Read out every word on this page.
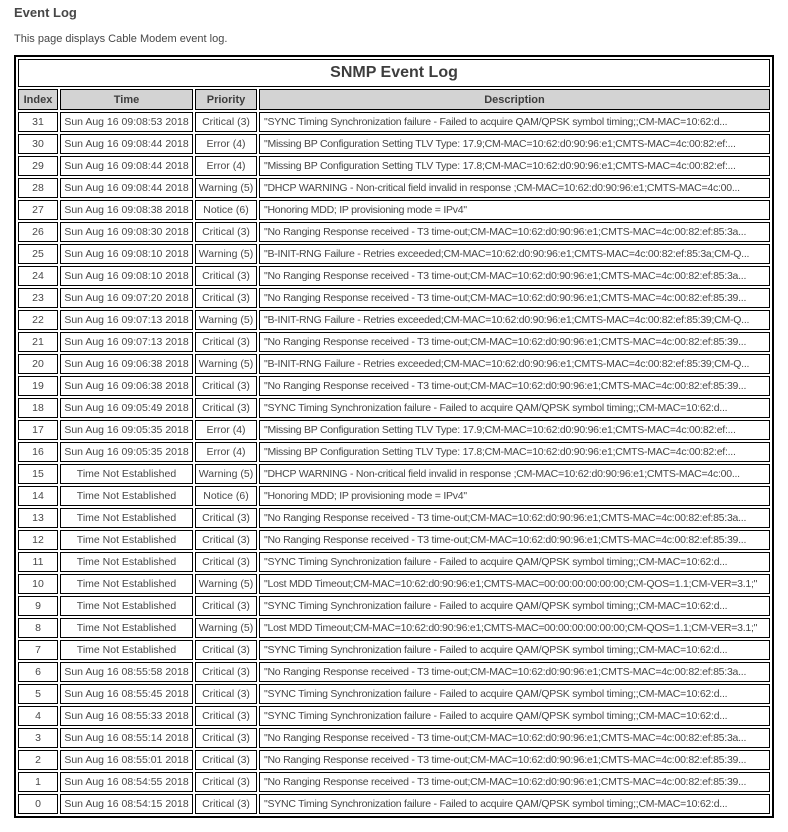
Event Log

This page displays Cable Modem event log.

SNMP Event Log			
Index	Time	Priority	Description
31	Sun Aug 16 09:08:53 2018	Critical (3)	"SYNC Timing Synchronization failure - Failed to acquire QAM/QPSK symbol timing;;CM-MAC=10:62:d...
30	Sun Aug 16 09:08:44 2018	Error (4)	"Missing BP Configuration Setting TLV Type: 17.9;CM-MAC=10:62:d0:90:96:e1;CMTS-MAC=4c:00:82:ef:...
29	Sun Aug 16 09:08:44 2018	Error (4)	"Missing BP Configuration Setting TLV Type: 17.8;CM-MAC=10:62:d0:90:96:e1;CMTS-MAC=4c:00:82:ef:...
28	Sun Aug 16 09:08:44 2018	Warning (5)	"DHCP WARNING - Non-critical field invalid in response ;CM-MAC=10:62:d0:90:96:e1;CMTS-MAC=4c:00...
27	Sun Aug 16 09:08:38 2018	Notice (6)	"Honoring MDD; IP provisioning mode = IPv4"
26	Sun Aug 16 09:08:30 2018	Critical (3)	"No Ranging Response received - T3 time-out;CM-MAC=10:62:d0:90:96:e1;CMTS-MAC=4c:00:82:ef:85:3a...
25	Sun Aug 16 09:08:10 2018	Warning (5)	"B-INIT-RNG Failure - Retries exceeded;CM-MAC=10:62:d0:90:96:e1;CMTS-MAC=4c:00:82:ef:85:3a;CM-Q...
24	Sun Aug 16 09:08:10 2018	Critical (3)	"No Ranging Response received - T3 time-out;CM-MAC=10:62:d0:90:96:e1;CMTS-MAC=4c:00:82:ef:85:3a...
23	Sun Aug 16 09:07:20 2018	Critical (3)	"No Ranging Response received - T3 time-out;CM-MAC=10:62:d0:90:96:e1;CMTS-MAC=4c:00:82:ef:85:39...
22	Sun Aug 16 09:07:13 2018	Warning (5)	"B-INIT-RNG Failure - Retries exceeded;CM-MAC=10:62:d0:90:96:e1;CMTS-MAC=4c:00:82:ef:85:39;CM-Q...
21	Sun Aug 16 09:07:13 2018	Critical (3)	"No Ranging Response received - T3 time-out;CM-MAC=10:62:d0:90:96:e1;CMTS-MAC=4c:00:82:ef:85:39...
20	Sun Aug 16 09:06:38 2018	Warning (5)	"B-INIT-RNG Failure - Retries exceeded;CM-MAC=10:62:d0:90:96:e1;CMTS-MAC=4c:00:82:ef:85:39;CM-Q...
19	Sun Aug 16 09:06:38 2018	Critical (3)	"No Ranging Response received - T3 time-out;CM-MAC=10:62:d0:90:96:e1;CMTS-MAC=4c:00:82:ef:85:39...
18	Sun Aug 16 09:05:49 2018	Critical (3)	"SYNC Timing Synchronization failure - Failed to acquire QAM/QPSK symbol timing;;CM-MAC=10:62:d...
17	Sun Aug 16 09:05:35 2018	Error (4)	"Missing BP Configuration Setting TLV Type: 17.9;CM-MAC=10:62:d0:90:96:e1;CMTS-MAC=4c:00:82:ef:...
16	Sun Aug 16 09:05:35 2018	Error (4)	"Missing BP Configuration Setting TLV Type: 17.8;CM-MAC=10:62:d0:90:96:e1;CMTS-MAC=4c:00:82:ef:...
15	Time Not Established	Warning (5)	"DHCP WARNING - Non-critical field invalid in response ;CM-MAC=10:62:d0:90:96:e1;CMTS-MAC=4c:00...
14	Time Not Established	Notice (6)	"Honoring MDD; IP provisioning mode = IPv4"
13	Time Not Established	Critical (3)	"No Ranging Response received - T3 time-out;CM-MAC=10:62:d0:90:96:e1;CMTS-MAC=4c:00:82:ef:85:3a...
12	Time Not Established	Critical (3)	"No Ranging Response received - T3 time-out;CM-MAC=10:62:d0:90:96:e1;CMTS-MAC=4c:00:82:ef:85:39...
11	Time Not Established	Critical (3)	"SYNC Timing Synchronization failure - Failed to acquire QAM/QPSK symbol timing;;CM-MAC=10:62:d...
10	Time Not Established	Warning (5)	"Lost MDD Timeout;CM-MAC=10:62:d0:90:96:e1;CMTS-MAC=00:00:00:00:00:00;CM-QOS=1.1;CM-VER=3.1;"
9	Time Not Established	Critical (3)	"SYNC Timing Synchronization failure - Failed to acquire QAM/QPSK symbol timing;;CM-MAC=10:62:d...
8	Time Not Established	Warning (5)	"Lost MDD Timeout;CM-MAC=10:62:d0:90:96:e1;CMTS-MAC=00:00:00:00:00:00;CM-QOS=1.1;CM-VER=3.1;"
7	Time Not Established	Critical (3)	"SYNC Timing Synchronization failure - Failed to acquire QAM/QPSK symbol timing;;CM-MAC=10:62:d...
6	Sun Aug 16 08:55:58 2018	Critical (3)	"No Ranging Response received - T3 time-out;CM-MAC=10:62:d0:90:96:e1;CMTS-MAC=4c:00:82:ef:85:3a...
5	Sun Aug 16 08:55:45 2018	Critical (3)	"SYNC Timing Synchronization failure - Failed to acquire QAM/QPSK symbol timing;;CM-MAC=10:62:d...
4	Sun Aug 16 08:55:33 2018	Critical (3)	"SYNC Timing Synchronization failure - Failed to acquire QAM/QPSK symbol timing;;CM-MAC=10:62:d...
3	Sun Aug 16 08:55:14 2018	Critical (3)	"No Ranging Response received - T3 time-out;CM-MAC=10:62:d0:90:96:e1;CMTS-MAC=4c:00:82:ef:85:3a...
2	Sun Aug 16 08:55:01 2018	Critical (3)	"No Ranging Response received - T3 time-out;CM-MAC=10:62:d0:90:96:e1;CMTS-MAC=4c:00:82:ef:85:39...
1	Sun Aug 16 08:54:55 2018	Critical (3)	"No Ranging Response received - T3 time-out;CM-MAC=10:62:d0:90:96:e1;CMTS-MAC=4c:00:82:ef:85:39...
0	Sun Aug 16 08:54:15 2018	Critical (3)	"SYNC Timing Synchronization failure - Failed to acquire QAM/QPSK symbol timing;;CM-MAC=10:62:d...
